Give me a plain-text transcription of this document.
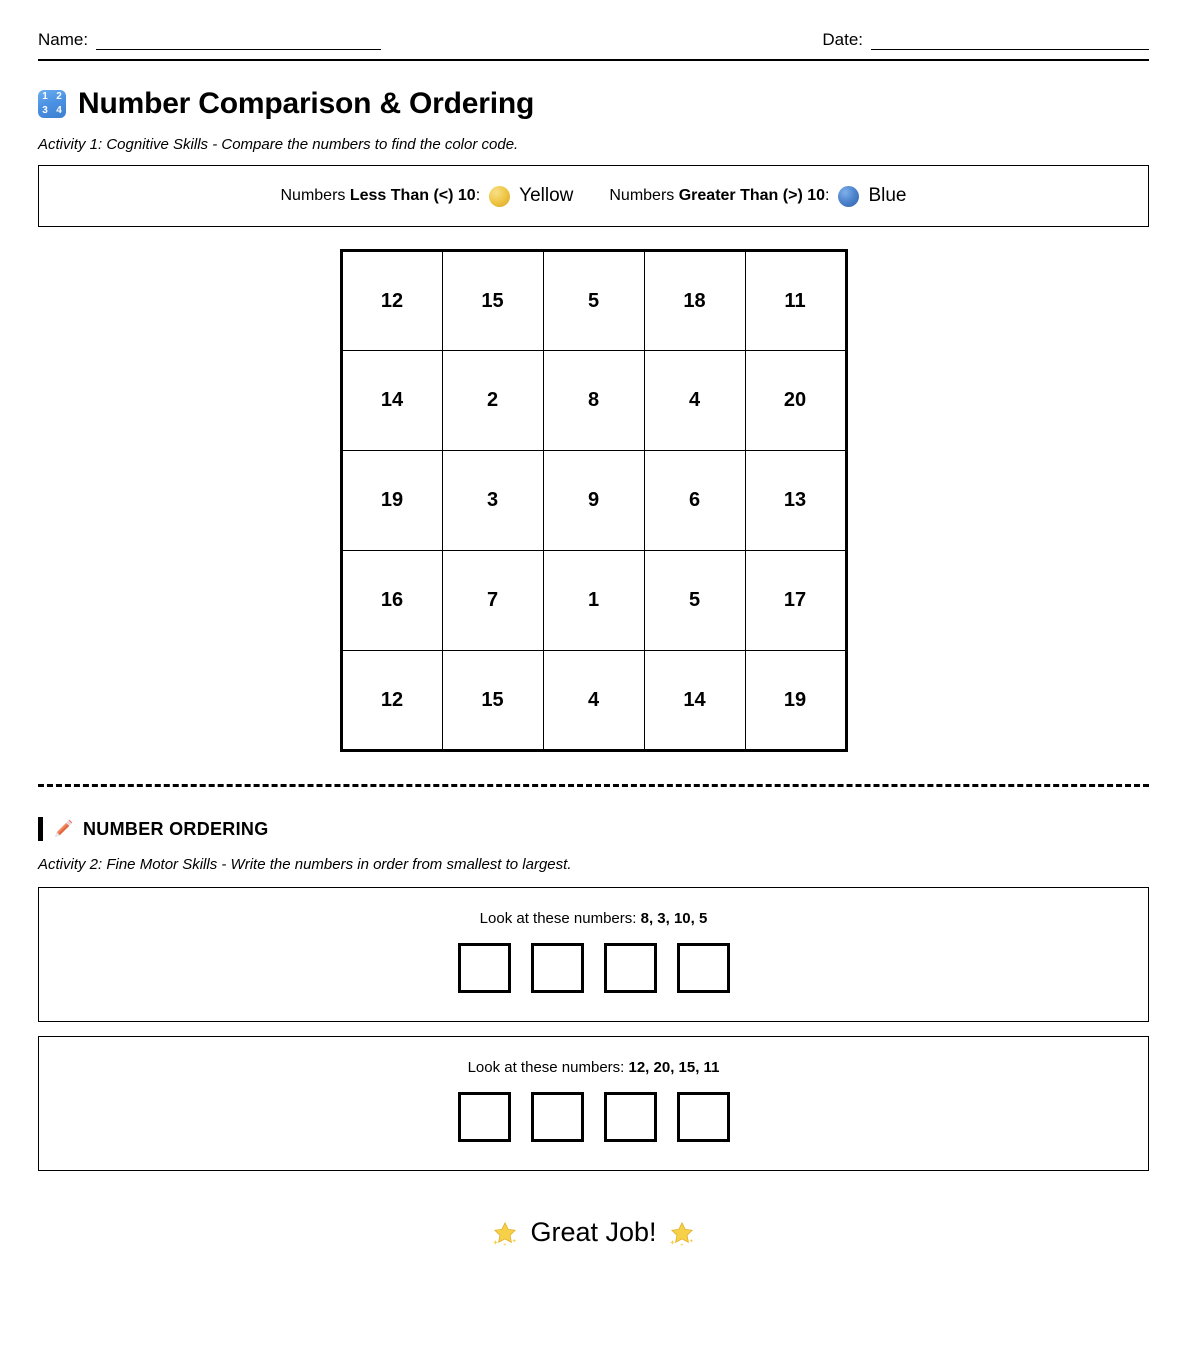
Name:	Date:
1 2
3 4 Number Comparison & Ordering
Activity 1: Cognitive Skills - Compare the numbers to find the color code.
Numbers Less Than (<) 10: Yellow Numbers Greater Than (>) 10: Blue
12	15	5	18	11
14	2	8	4	20
19	3	9	6	13
16	7	1	5	17
12	15	4	14	19
NUMBER ORDERING
Activity 2: Fine Motor Skills - Write the numbers in order from smallest to largest.
Look at these numbers: 8, 3, 10, 5
Look at these numbers: 12, 20, 15, 11
Great Job!
